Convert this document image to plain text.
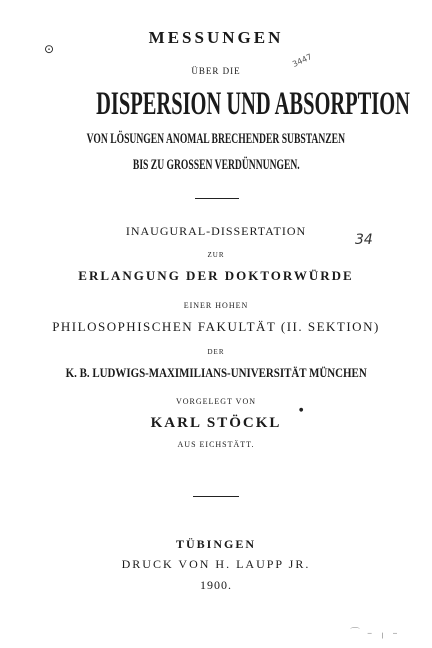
⊙
3447
34
MESSUNGEN
ÜBER DIE
DISPERSION UND ABSORPTION
VON LÖSUNGEN ANOMAL BRECHENDER SUBSTANZEN
BIS ZU GROSSEN VERDÜNNUNGEN.
INAUGURAL-DISSERTATION
ZUR
ERLANGUNG DER DOKTORWÜRDE
EINER HOHEN
PHILOSOPHISCHEN FAKULTÄT (II. SEKTION)
DER
K. B. LUDWIGS-MAXIMILIANS-UNIVERSITÄT MÜNCHEN
VORGELEGT VON
●
KARL STÖCKL
AUS EICHSTÄTT.
TÜBINGEN
DRUCK VON H. LAUPP JR.
1900.
⌒ – ╷ –
